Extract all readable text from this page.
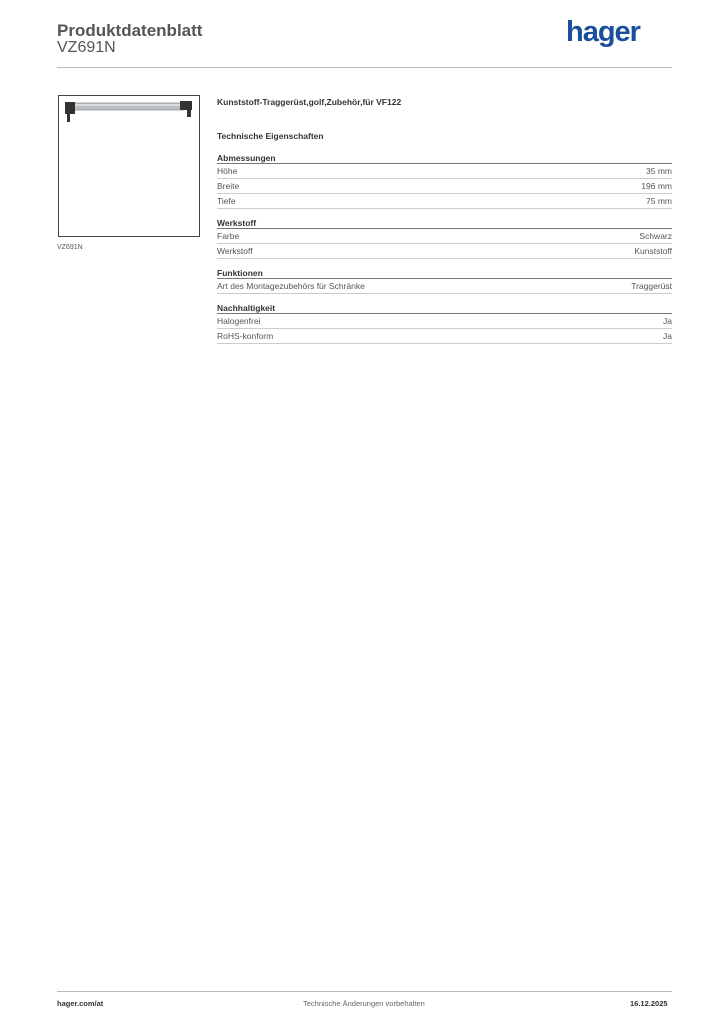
Produktdatenblatt
VZ691N	hager
VZ691N
Kunststoff-Traggerüst,golf,Zubehör,für VF122
Technische Eigenschaften
Abmessungen
Höhe	35 mm
Breite	196 mm
Tiefe	75 mm
Werkstoff
Farbe	Schwarz
Werkstoff	Kunststoff
Funktionen
Art des Montagezubehörs für Schränke	Traggerüst
Nachhaltigkeit
Halogenfrei	Ja
RoHS-konform	Ja
hager.com/at	Technische Änderungen vorbehalten	16.12.2025
